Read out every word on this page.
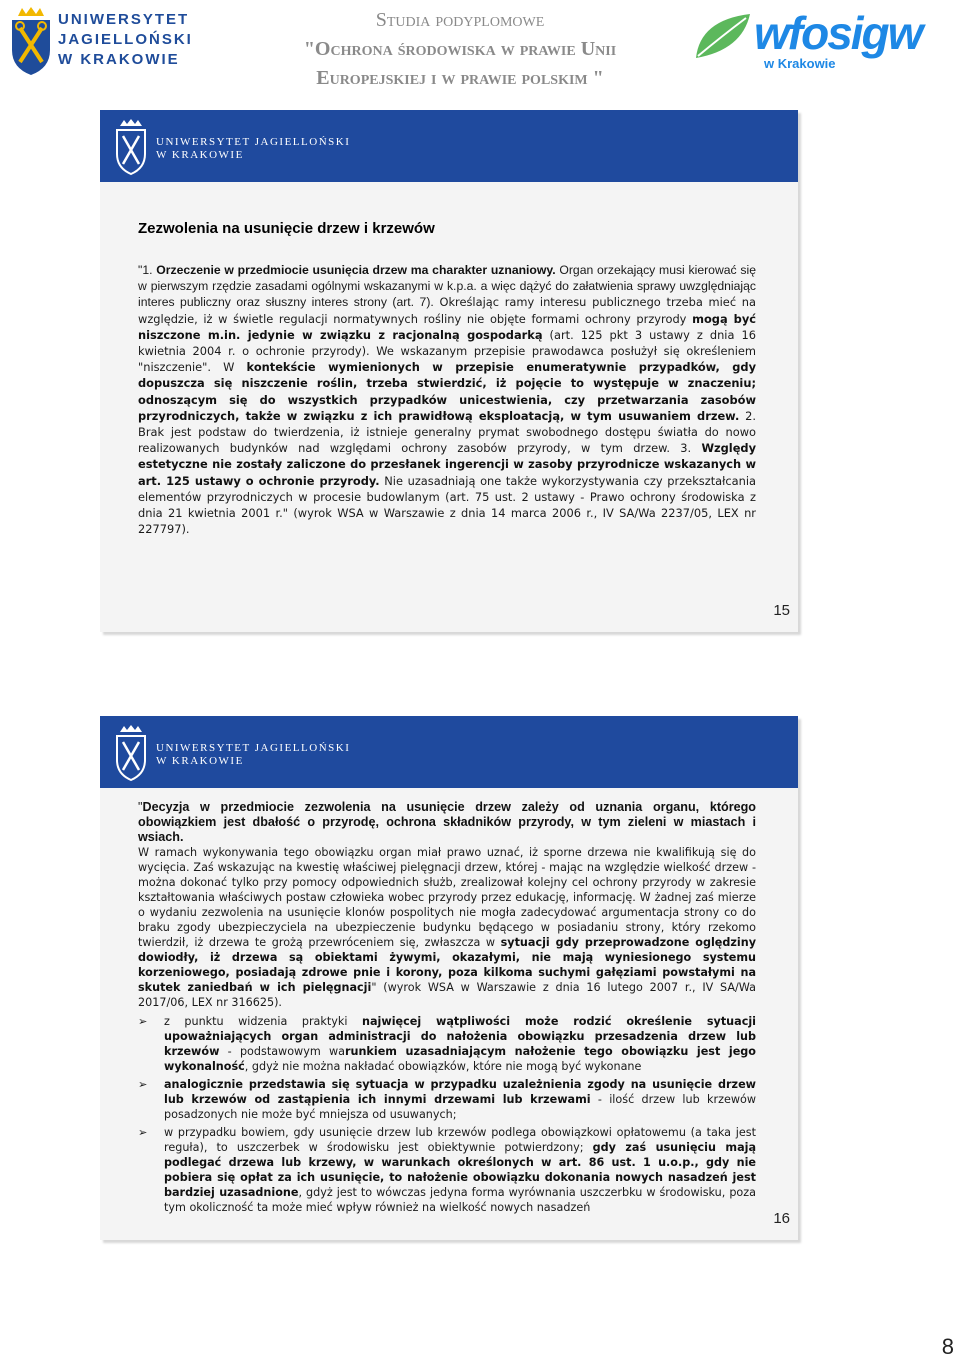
UNIWERSYTET
JAGIELLOŃSKI
W KRAKOWIE
Studia podyplomowe
"Ochrona środowiska w prawie Unii
Europejskiej i w prawie polskim "
wfosigw
w Krakowie
UNIWERSYTET JAGIELLOŃSKI
W KRAKOWIE
Zezwolenia na usunięcie drzew i krzewów
"1. Orzeczenie w przedmiocie usunięcia drzew ma charakter uznaniowy. Organ orzekający musi kierować się w pierwszym rzędzie zasadami ogólnymi wskazanymi w k.p.a. a więc dążyć do załatwienia sprawy uwzględniając interes publiczny oraz słuszny interes strony (art. 7). Określając ramy interesu publicznego trzeba mieć na względzie, iż w świetle regulacji normatywnych rośliny nie objęte formami ochrony przyrody mogą być niszczone m.in. jedynie w związku z racjonalną gospodarką (art. 125 pkt 3 ustawy z dnia 16 kwietnia 2004 r. o ochronie przyrody). We wskazanym przepisie prawodawca posłużył się określeniem "niszczenie". W kontekście wymienionych w przepisie enumeratywnie przypadków, gdy dopuszcza się niszczenie roślin, trzeba stwierdzić, iż pojęcie to występuje w znaczeniu; odnoszącym się do wszystkich przypadków unicestwienia, czy przetwarzania zasobów przyrodniczych, także w związku z ich prawidłową eksploatacją, w tym usuwaniem drzew. 2. Brak jest podstaw do twierdzenia, iż istnieje generalny prymat swobodnego dostępu światła do nowo realizowanych budynków nad względami ochrony zasobów przyrody, w tym drzew. 3. Względy estetyczne nie zostały zaliczone do przesłanek ingerencji w zasoby przyrodnicze wskazanych w art. 125 ustawy o ochronie przyrody. Nie uzasadniają one także wykorzystywania czy przekształcania elementów przyrodniczych w procesie budowlanym (art. 75 ust. 2 ustawy - Prawo ochrony środowiska z dnia 21 kwietnia 2001 r." (wyrok WSA w Warszawie z dnia 14 marca 2006 r., IV SA/Wa 2237/05, LEX nr 227797).
15
UNIWERSYTET JAGIELLOŃSKI
W KRAKOWIE
"Decyzja w przedmiocie zezwolenia na usunięcie drzew zależy od uznania organu, którego obowiązkiem jest dbałość o przyrodę, ochrona składników przyrody, w tym zieleni w miastach i wsiach.
W ramach wykonywania tego obowiązku organ miał prawo uznać, iż sporne drzewa nie kwalifikują się do wycięcia. Zaś wskazując na kwestię właściwej pielęgnacji drzew, której - mając na względzie wielkość drzew - można dokonać tylko przy pomocy odpowiednich służb, zrealizował kolejny cel ochrony przyrody w zakresie kształtowania właściwych postaw człowieka wobec przyrody przez edukację, informację. W żadnej zaś mierze o wydaniu zezwolenia na usunięcie klonów pospolitych nie mogła zadecydować argumentacja strony co do braku zgody ubezpieczyciela na ubezpieczenie budynku będącego w posiadaniu strony, który rzekomo twierdził, iż drzewa te grożą przewróceniem się, zwłaszcza w sytuacji gdy przeprowadzone oględziny dowiodły, iż drzewa są obiektami żywymi, okazałymi, nie mają wyniesionego systemu korzeniowego, posiadają zdrowe pnie i korony, poza kilkoma suchymi gałęziami powstałymi na skutek zaniedbań w ich pielęgnacji" (wyrok WSA w Warszawie z dnia 16 lutego 2007 r., IV SA/Wa 2017/06, LEX nr 316625).
➢ z punktu widzenia praktyki najwięcej wątpliwości może rodzić określenie sytuacji upoważniających organ administracji do nałożenia obowiązku przesadzenia drzew lub krzewów - podstawowym warunkiem uzasadniającym nałożenie tego obowiązku jest jego wykonalność, gdyż nie można nakładać obowiązków, które nie mogą być wykonane
➢ analogicznie przedstawia się sytuacja w przypadku uzależnienia zgody na usunięcie drzew lub krzewów od zastąpienia ich innymi drzewami lub krzewami - ilość drzew lub krzewów posadzonych nie może być mniejsza od usuwanych;
➢ w przypadku bowiem, gdy usunięcie drzew lub krzewów podlega obowiązkowi opłatowemu (a taka jest reguła), to uszczerbek w środowisku jest obiektywnie potwierdzony; gdy zaś usunięciu mają podlegać drzewa lub krzewy, w warunkach określonych w art. 86 ust. 1 u.o.p., gdy nie pobiera się opłat za ich usunięcie, to nałożenie obowiązku dokonania nowych nasadzeń jest bardziej uzasadnione, gdyż jest to wówczas jedyna forma wyrównania uszczerbku w środowisku, poza tym okoliczność ta może mieć wpływ również na wielkość nowych nasadzeń
16
8
